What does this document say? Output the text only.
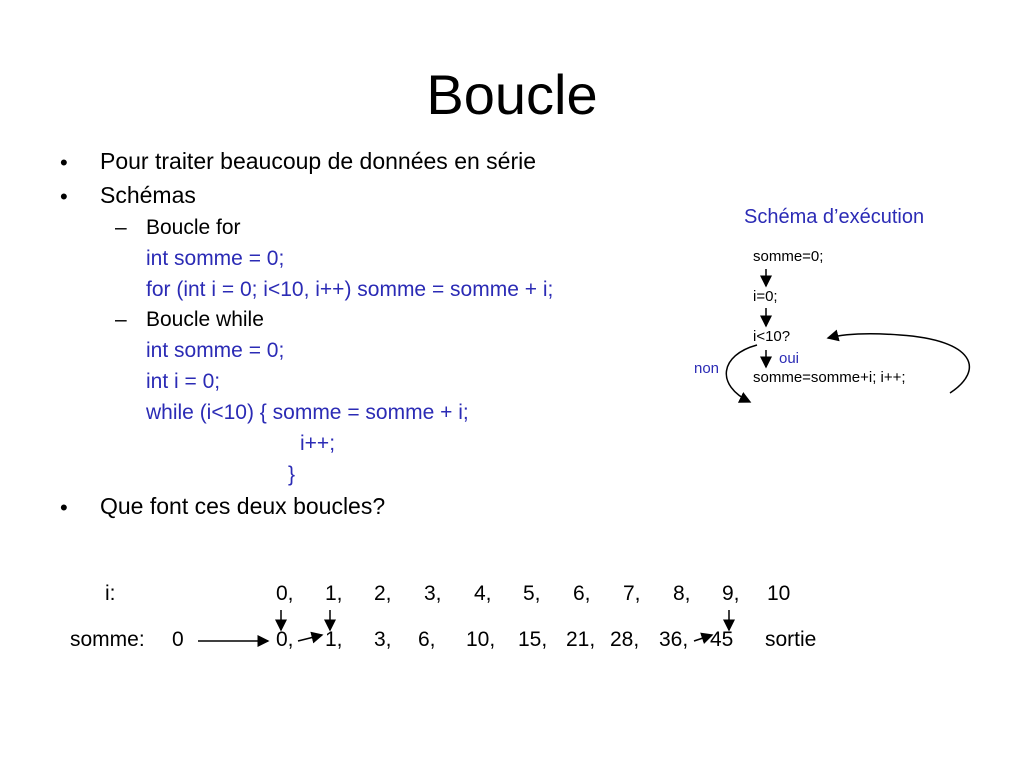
Boucle
• Pour traiter beaucoup de données en série
• Schémas
– Boucle for
int somme = 0;
for (int i = 0; i<10, i++) somme = somme + i;
– Boucle while
int somme = 0;
int i = 0;
while (i<10) { somme = somme + i;
i++;
}
• Que font ces deux boucles?
Schéma d’exécution
somme=0;
i=0;
i<10?
oui
non
somme=somme+i; i++;
i:	0, 1, 2, 3, 4, 5, 6, 7, 8, 9, 10
somme: 0	0, 1, 3, 6, 10, 15, 21, 28, 36, 45 sortie
